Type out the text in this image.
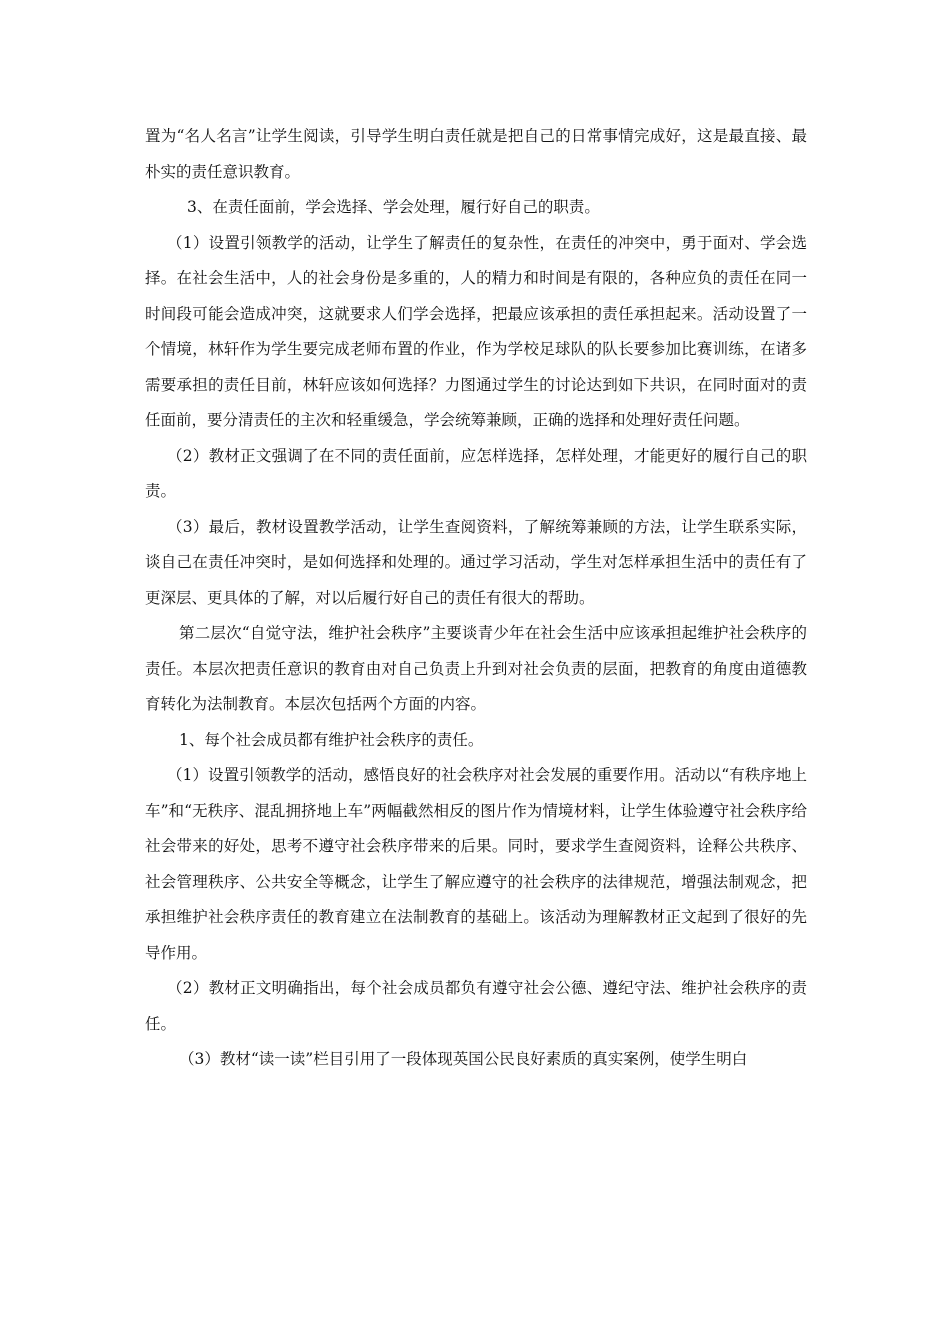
置为“名人名言”让学生阅读，引导学生明白责任就是把自己的日常事情完成好，这是最直接、最朴实的责任意识教育。

3、在责任面前，学会选择、学会处理，履行好自己的职责。

（1）设置引领教学的活动，让学生了解责任的复杂性，在责任的冲突中，勇于面对、学会选择。在社会生活中，人的社会身份是多重的，人的精力和时间是有限的，各种应负的责任在同一时间段可能会造成冲突，这就要求人们学会选择，把最应该承担的责任承担起来。活动设置了一个情境，林轩作为学生要完成老师布置的作业，作为学校足球队的队长要参加比赛训练，在诸多需要承担的责任目前，林轩应该如何选择？力图通过学生的讨论达到如下共识，在同时面对的责任面前，要分清责任的主次和轻重缓急，学会统筹兼顾，正确的选择和处理好责任问题。

（2）教材正文强调了在不同的责任面前，应怎样选择，怎样处理，才能更好的履行自己的职责。

（3）最后，教材设置教学活动，让学生查阅资料，了解统筹兼顾的方法，让学生联系实际，谈自己在责任冲突时，是如何选择和处理的。通过学习活动，学生对怎样承担生活中的责任有了更深层、更具体的了解，对以后履行好自己的责任有很大的帮助。

第二层次“自觉守法，维护社会秩序”主要谈青少年在社会生活中应该承担起维护社会秩序的责任。本层次把责任意识的教育由对自己负责上升到对社会负责的层面，把教育的角度由道德教育转化为法制教育。本层次包括两个方面的内容。

1、每个社会成员都有维护社会秩序的责任。

（1）设置引领教学的活动，感悟良好的社会秩序对社会发展的重要作用。活动以“有秩序地上车”和“无秩序、混乱拥挤地上车”两幅截然相反的图片作为情境材料，让学生体验遵守社会秩序给社会带来的好处，思考不遵守社会秩序带来的后果。同时，要求学生查阅资料，诠释公共秩序、社会管理秩序、公共安全等概念，让学生了解应遵守的社会秩序的法律规范，增强法制观念，把承担维护社会秩序责任的教育建立在法制教育的基础上。该活动为理解教材正文起到了很好的先导作用。

（2）教材正文明确指出，每个社会成员都负有遵守社会公德、遵纪守法、维护社会秩序的责任。

（3）教材“读一读”栏目引用了一段体现英国公民良好素质的真实案例，使学生明白
